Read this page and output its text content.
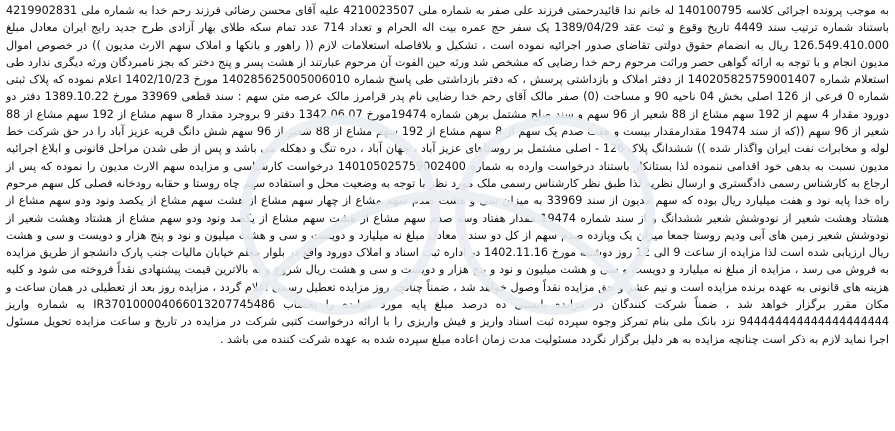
به موجب پرونده اجرائی کلاسه 140100795 له خانم ندا قائیدرحمتی فرزند علی صفر به شماره ملی 4210023507 علیه آقای محسن رضائی فرزند رحم خدا به شماره ملی 4219902831 باستناد شماره ترتیب سند 4449 تاریخ وقوع و ثبت عقد 1389/04/29 یک سفر حج عمره بیت اله الحرام و تعداد 714 عدد تمام سکه طلای بهار آزادی طرح جدید رایج ایران معادل مبلغ 126.549.410.000 ریال به انضمام حقوق دولتی تقاضای صدور اجرائیه نموده است ، تشکیل و بلافاصله استعلامات لازم (( راهور و بانکها و املاک سهم الارث مدیون )) در خصوص اموال مدیون انجام و با توجه به ارائه گواهی حصر وراثت مرحوم رحم خدا رضایی که مشخص شد ورثه حین الفوت آن مرحوم عبارتند از هشت پسر و پنج دختر که بجز نامبردگان ورثه دیگری ندارد طی استعلام شماره 140205825759001407 از دفتر املاک و بازداشتی پرسش ، که دفتر بازداشتی طی پاسخ شماره 140285625005006010 مورخ 1402/10/23 اعلام نموده که پلاک ثبتی شماره 0 فرعی از 126 اصلی بخش 04 ناحیه 90 و مساحت (0) صفر مالک آقای رحم خدا رضایی نام پدر قرامرز مالک عرصه متن سهم : سند قطعی 33969 مورخ 1389.10.22 دفتر دو دورود مقدار 4 سهم از 192 سهم مشاع از 88 شعیر از 96 سهم و سند صلح مشتمل برهن شماره 19474مورخ 1342.06.07 دفتر 9 بروجرد مقدار 8 سهم مشاع از 192 سهم مشاع از 88 شعیر از 96 سهم ((که از سند 19474 مقدارمقدار بیست و هفت صدم یک سهم از 8 سهم مشاع از 192 سهم مشاع از 88 شعیر از 96 سهم شش دانگ قریه عزیز آباد را در حق شرکت خط لوله و مخابرات نفت ایران واگذار شده )) ششدانگ پلاک 126 - اصلی مشتمل بر روستاهای عزیز آباد ، جهان آباد ، دره تنگ و دهکله می باشد و پس از طی شدن مراحل قانونی و ابلاغ اجرائیه مدیون نسبت به بدهی خود اقدامی ننموده لذا بستانکار باستناد درخواست وارده به شماره 140105025759002400 درخواست کارشناسی و مزایده سهم الارث مدیون را نموده که پس از ارجاع به کارشناس رسمی دادگستری و ارسال نظریه لذا طبق نظر کارشناس رسمی ملک مورد نظر با توجه به وضعیت محل و استفاده سهم چاه روستا و حقابه رودخانه فصلی کل سهم مرحوم راه خدا پایه نود و هفت میلیارد ریال بوده که سهم مدیون از سند 33969 به میزان سی و هشت صدم سهم مشاع از چهار سهم مشاع از هشت سهم مشاع از یکصد ونود ودو سهم مشاع از هشتاد وهشت شعیر از نودوشش شعیر ششدانگ و از سند شماره 19474 مقدار هفتاد وسه صدم سهم مشاع از هشت سهم مشاع از یکصد ونود ودو سهم مشاع از هشتاد وهشت شعیر از نودوشش شعیر زمین های آبی ودیم روستا جمعا میزان یک وپازده صدم سهم از کل دو سند ، معادل مبلغ نه میلیارد و دویست و سی و هشت میلیون و نود و پنج هزار و دویست و سی و هشت ریال ارزیابی شده است لذا مزایده از ساعت 9 الی 12 روز دوشنبه مورخ 1402.11.16 در اداره ثبت اسناد و املاک دورود واقع در بلوار معلم خیابان مالیات جنب پارک دانشجو از طریق مزایده به فروش می رسد ، مزایده از مبلغ نه میلیارد و دویست و سی و هشت میلیون و نود و پنج هزار و دویست و سی و هشت ریال شروع و به بالاترین قیمت پیشنهادی نقداً فروخته می شود و کلیه هزینه های قانونی به عهده برنده مزایده است و نیم عشر و حق مزایده نقداً وصول خواهد شد ، ضمناً چنانچه روز مزایده تعطیل رسمی اعلام گردد ، مزایده روز بعد از تعطیلی در همان ساعت و مکان مقرر برگزار خواهد شد ، ضمناً شرکت کنندگان در مزایده بایستی ده درصد مبلغ پایه مورد مزایده را بحساب IR370100004066013207745486 به شماره واریز 944444444444444444444 نزد بانک ملی بنام تمرکز وجوه سپرده ثبت اسناد واریز و فیش واریزی را با ارائه درخواست کتبی شرکت در مزایده در تاریخ و ساعت مزایده تحویل مسئول اجرا نماید لازم به ذکر است چنانچه مزایده به هر دلیل برگزار نگردد مسئولیت مدت زمان اعاده مبلغ سپرده شده به عهده شرکت کننده می باشد .
